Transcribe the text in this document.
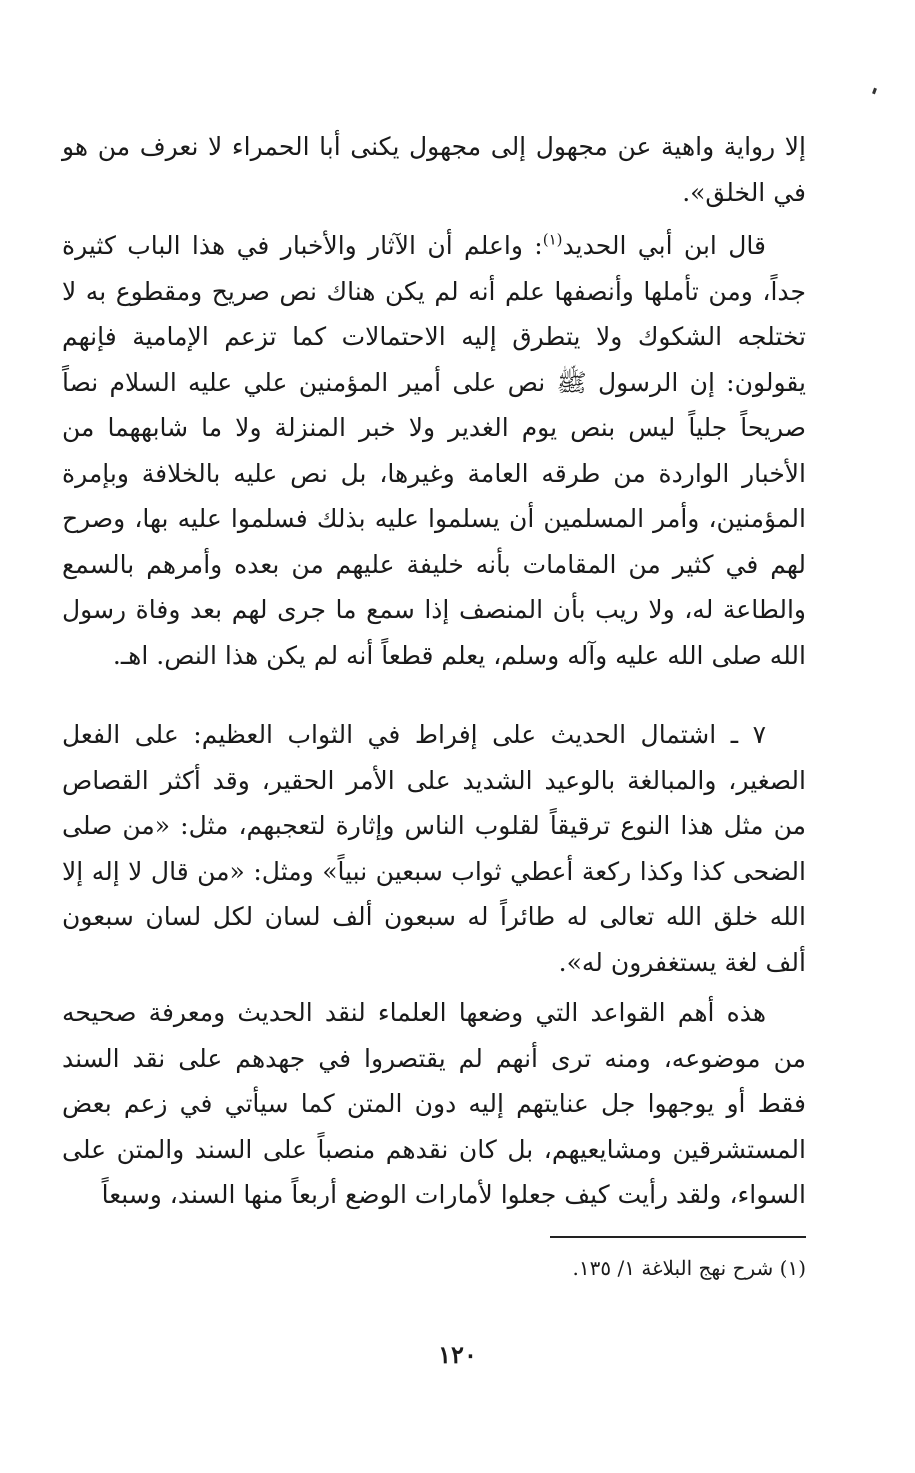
إلا رواية واهية عن مجهول إلى مجهول يكنى أبا الحمراء لا نعرف من هو في الخلق».

قال ابن أبي الحديد$^{(١)}$: واعلم أن الآثار والأخبار في هذا الباب كثيرة جداً، ومن تأملها وأنصفها علم أنه لم يكن هناك نص صريح ومقطوع به لا تختلجه الشكوك ولا يتطرق إليه الاحتمالات كما تزعم الإمامية فإنهم يقولون: إن الرسول ﷺ نص على أمير المؤمنين علي عليه السلام نصاً صريحاً جلياً ليس بنص يوم الغدير ولا خبر المنزلة ولا ما شابههما من الأخبار الواردة من طرقه العامة وغيرها، بل نص عليه بالخلافة وبإمرة المؤمنين، وأمر المسلمين أن يسلموا عليه بذلك فسلموا عليه بها، وصرح لهم في كثير من المقامات بأنه خليفة عليهم من بعده وأمرهم بالسمع والطاعة له، ولا ريب بأن المنصف إذا سمع ما جرى لهم بعد وفاة رسول الله صلى الله عليه وآله وسلم، يعلم قطعاً أنه لم يكن هذا النص. اهـ.

٧ ـ اشتمال الحديث على إفراط في الثواب العظيم: على الفعل الصغير، والمبالغة بالوعيد الشديد على الأمر الحقير، وقد أكثر القصاص من مثل هذا النوع ترقيقاً لقلوب الناس وإثارة لتعجبهم، مثل: «من صلى الضحى كذا وكذا ركعة أعطي ثواب سبعين نبياً» ومثل: «من قال لا إله إلا الله خلق الله تعالى له طائراً له سبعون ألف لسان لكل لسان سبعون ألف لغة يستغفرون له».

هذه أهم القواعد التي وضعها العلماء لنقد الحديث ومعرفة صحيحه من موضوعه، ومنه ترى أنهم لم يقتصروا في جهدهم على نقد السند فقط أو يوجهوا جل عنايتهم إليه دون المتن كما سيأتي في زعم بعض المستشرقين ومشايعيهم، بل كان نقدهم منصباً على السند والمتن على السواء، ولقد رأيت كيف جعلوا لأمارات الوضع أربعاً منها السند، وسبعاً

(١) شرح نهج البلاغة ١/ ١٣٥.
١٢٠
